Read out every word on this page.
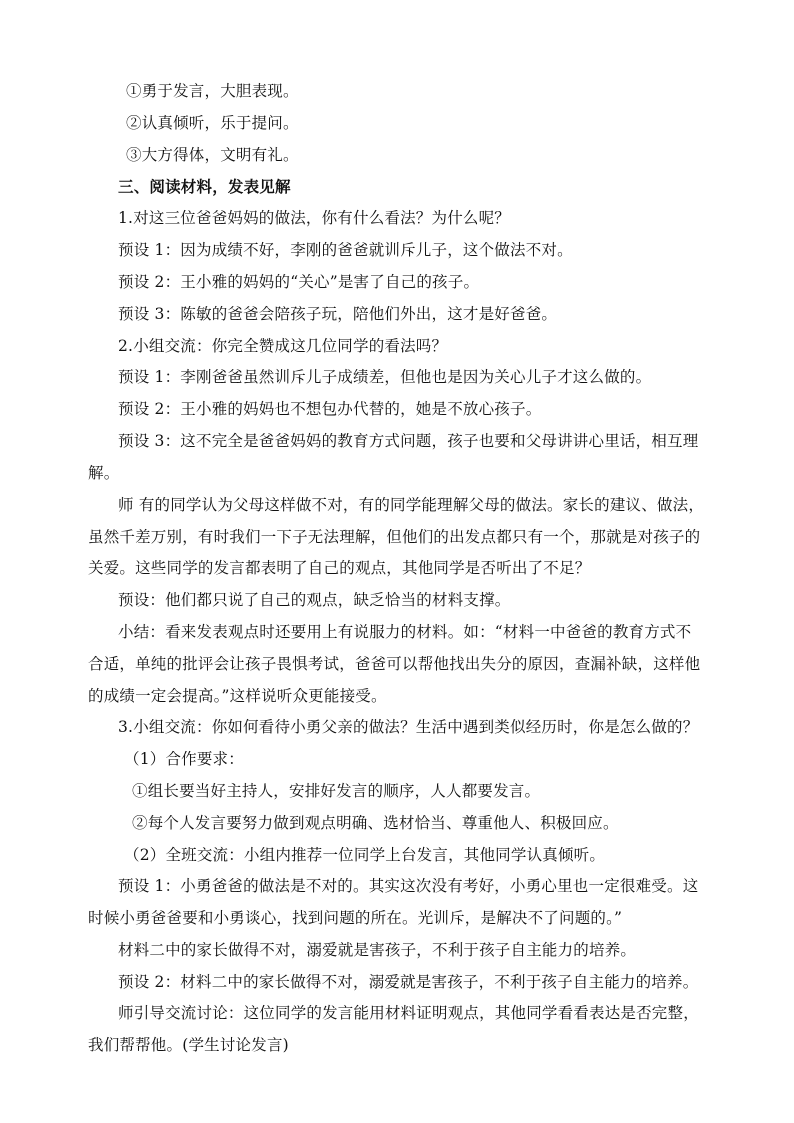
①勇于发言，大胆表现。
②认真倾听，乐于提问。
③大方得体，文明有礼。
三、阅读材料，发表见解
1.对这三位爸爸妈妈的做法，你有什么看法？为什么呢？
预设 1：因为成绩不好，李刚的爸爸就训斥儿子，这个做法不对。
预设 2：王小雅的妈妈的“关心”是害了自己的孩子。
预设 3：陈敏的爸爸会陪孩子玩，陪他们外出，这才是好爸爸。
2.小组交流：你完全赞成这几位同学的看法吗？
预设 1：李刚爸爸虽然训斥儿子成绩差，但他也是因为关心儿子才这么做的。
预设 2：王小雅的妈妈也不想包办代替的，她是不放心孩子。
预设 3：这不完全是爸爸妈妈的教育方式问题，孩子也要和父母讲讲心里话，相互理
解。
师 有的同学认为父母这样做不对，有的同学能理解父母的做法。家长的建议、做法，
虽然千差万别，有时我们一下子无法理解，但他们的出发点都只有一个，那就是对孩子的
关爱。这些同学的发言都表明了自己的观点，其他同学是否听出了不足？
预设：他们都只说了自己的观点，缺乏恰当的材料支撑。
小结：看来发表观点时还要用上有说服力的材料。如：“材料一中爸爸的教育方式不
合适，单纯的批评会让孩子畏惧考试，爸爸可以帮他找出失分的原因，查漏补缺，这样他
的成绩一定会提高。”这样说听众更能接受。
3.小组交流：你如何看待小勇父亲的做法？生活中遇到类似经历时，你是怎么做的？
（1）合作要求：
①组长要当好主持人，安排好发言的顺序，人人都要发言。
②每个人发言要努力做到观点明确、选材恰当、尊重他人、积极回应。
（2）全班交流：小组内推荐一位同学上台发言，其他同学认真倾听。
预设 1：小勇爸爸的做法是不对的。其实这次没有考好，小勇心里也一定很难受。这
时候小勇爸爸要和小勇谈心，找到问题的所在。光训斥，是解决不了问题的。”
材料二中的家长做得不对，溺爱就是害孩子，不利于孩子自主能力的培养。
预设 2：材料二中的家长做得不对，溺爱就是害孩子，不利于孩子自主能力的培养。
师引导交流讨论：这位同学的发言能用材料证明观点，其他同学看看表达是否完整，
我们帮帮他。(学生讨论发言)
